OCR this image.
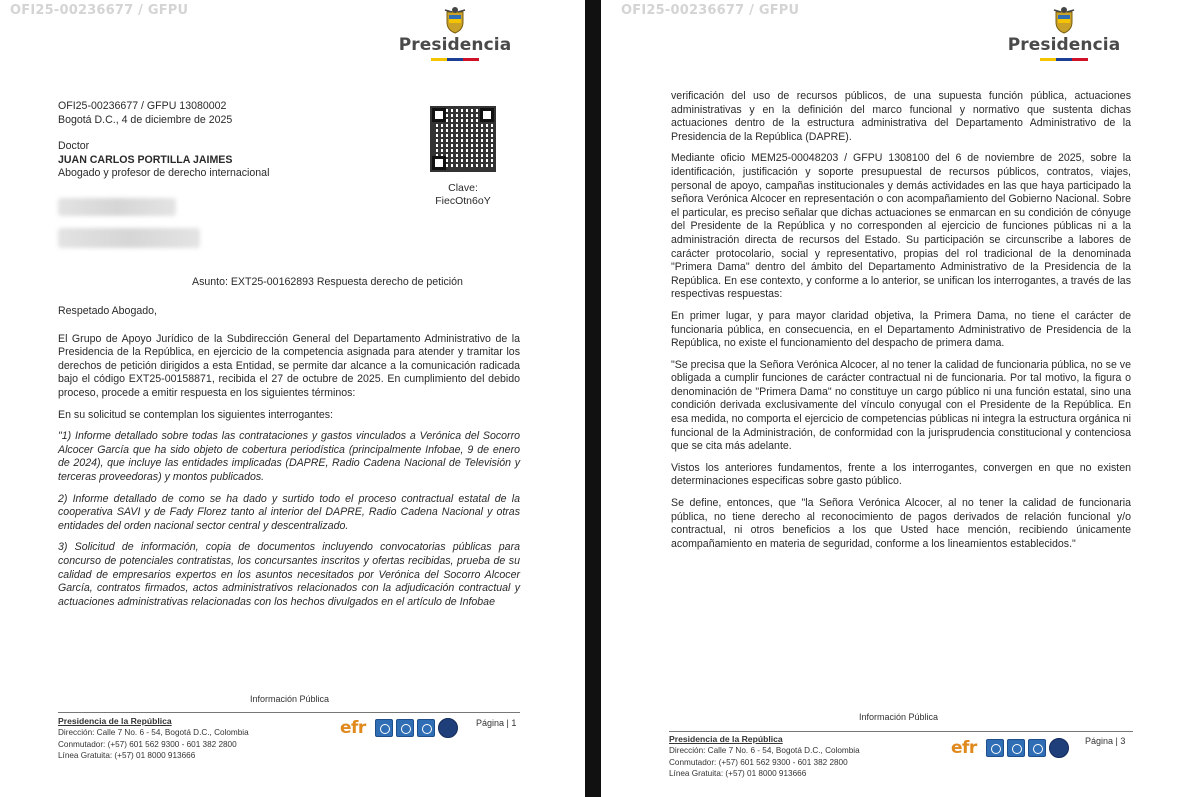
OFI25-00236677 / GFPU
Presidencia
OFI25-00236677 / GFPU 13080002
Bogotá D.C., 4 de diciembre de 2025
Doctor
JUAN CARLOS PORTILLA JAIMES
Abogado y profesor de derecho internacional
Clave:
FiecOtn6oY
Asunto: EXT25-00162893 Respuesta derecho de petición
Respetado Abogado,
El Grupo de Apoyo Jurídico de la Subdirección General del Departamento Administrativo de la Presidencia de la República, en ejercicio de la competencia asignada para atender y tramitar los derechos de petición dirigidos a esta Entidad, se permite dar alcance a la comunicación radicada bajo el código EXT25-00158871, recibida el 27 de octubre de 2025. En cumplimiento del debido proceso, procede a emitir respuesta en los siguientes términos:
En su solicitud se contemplan los siguientes interrogantes:
"1) Informe detallado sobre todas las contrataciones y gastos vinculados a Verónica del Socorro Alcocer García que ha sido objeto de cobertura periodística (principalmente Infobae, 9 de enero de 2024), que incluye las entidades implicadas (DAPRE, Radio Cadena Nacional de Televisión y terceras proveedoras) y montos publicados.
2) Informe detallado de como se ha dado y surtido todo el proceso contractual estatal de la cooperativa SAVI y de Fady Florez tanto al interior del DAPRE, Radio Cadena Nacional y otras entidades del orden nacional sector central y descentralizado.
3) Solicitud de información, copia de documentos incluyendo convocatorias públicas para concurso de potenciales contratistas, los concursantes inscritos y ofertas recibidas, prueba de su calidad de empresarios expertos en los asuntos necesitados por Verónica del Socorro Alcocer García, contratos firmados, actos administrativos relacionados con la adjudicación contractual y actuaciones administrativas relacionadas con los hechos divulgados en el artículo de Infobae
Información Pública
Presidencia de la República
Dirección: Calle 7 No. 6 - 54, Bogotá D.C., Colombia
Conmutador: (+57) 601 562 9300 - 601 382 2800
Línea Gratuita: (+57) 01 8000 913666
efr	Página | 1
OFI25-00236677 / GFPU
Presidencia
verificación del uso de recursos públicos, de una supuesta función pública, actuaciones administrativas y en la definición del marco funcional y normativo que sustenta dichas actuaciones dentro de la estructura administrativa del Departamento Administrativo de la Presidencia de la República (DAPRE).
Mediante oficio MEM25-00048203 / GFPU 1308100 del 6 de noviembre de 2025, sobre la identificación, justificación y soporte presupuestal de recursos públicos, contratos, viajes, personal de apoyo, campañas institucionales y demás actividades en las que haya participado la señora Verónica Alcocer en representación o con acompañamiento del Gobierno Nacional. Sobre el particular, es preciso señalar que dichas actuaciones se enmarcan en su condición de cónyuge del Presidente de la República y no corresponden al ejercicio de funciones públicas ni a la administración directa de recursos del Estado. Su participación se circunscribe a labores de carácter protocolario, social y representativo, propias del rol tradicional de la denominada "Primera Dama" dentro del ámbito del Departamento Administrativo de la Presidencia de la República. En ese contexto, y conforme a lo anterior, se unifican los interrogantes, a través de las respectivas respuestas:
En primer lugar, y para mayor claridad objetiva, la Primera Dama, no tiene el carácter de funcionaria pública, en consecuencia, en el Departamento Administrativo de Presidencia de la República, no existe el funcionamiento del despacho de primera dama.
"Se precisa que la Señora Verónica Alcocer, al no tener la calidad de funcionaria pública, no se ve obligada a cumplir funciones de carácter contractual ni de funcionaria. Por tal motivo, la figura o denominación de "Primera Dama" no constituye un cargo público ni una función estatal, sino una condición derivada exclusivamente del vínculo conyugal con el Presidente de la República. En esa medida, no comporta el ejercicio de competencias públicas ni integra la estructura orgánica ni funcional de la Administración, de conformidad con la jurisprudencia constitucional y contenciosa que se cita más adelante.
Vistos los anteriores fundamentos, frente a los interrogantes, convergen en que no existen determinaciones especificas sobre gasto público.
Se define, entonces, que "la Señora Verónica Alcocer, al no tener la calidad de funcionaria pública, no tiene derecho al reconocimiento de pagos derivados de relación funcional y/o contractual, ni otros beneficios a los que Usted hace mención, recibiendo únicamente acompañamiento en materia de seguridad, conforme a los lineamientos establecidos."
Información Pública
Presidencia de la República
Dirección: Calle 7 No. 6 - 54, Bogotá D.C., Colombia
Conmutador: (+57) 601 562 9300 - 601 382 2800
Línea Gratuita: (+57) 01 8000 913666
efr	Página | 3
